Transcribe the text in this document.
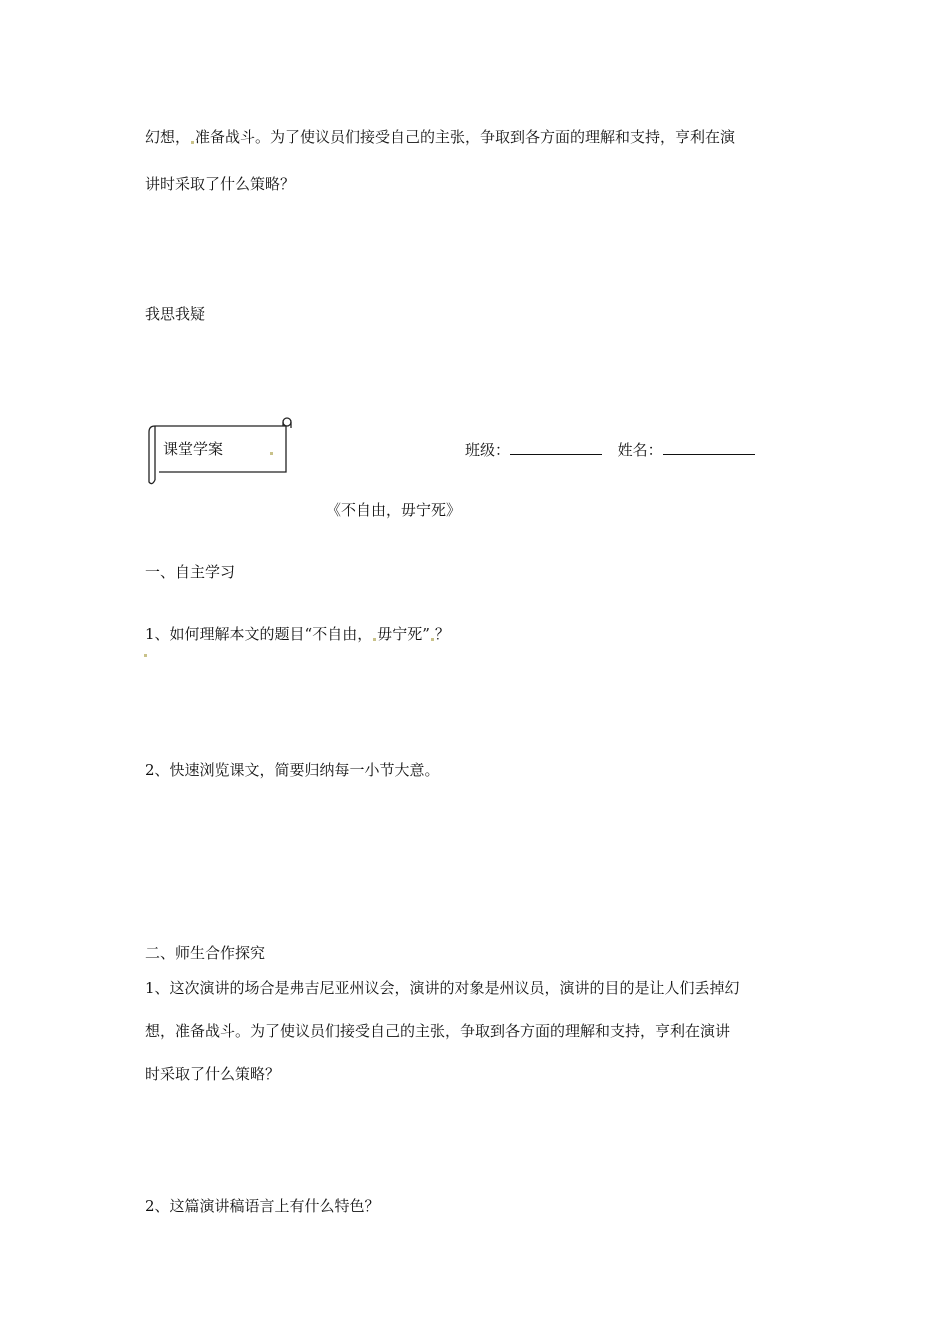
幻想， 准备战斗。为了使议员们接受自己的主张，争取到各方面的理解和支持，亨利在演
讲时采取了什么策略？
我思我疑
课堂学案	班级：	姓名：
《不自由，毋宁死》
一、自主学习
1、如何理解本文的题目“不自由， 毋宁死” ？
2、快速浏览课文，简要归纳每一小节大意。
二、师生合作探究
1、这次演讲的场合是弗吉尼亚州议会，演讲的对象是州议员，演讲的目的是让人们丢掉幻
想，准备战斗。为了使议员们接受自己的主张，争取到各方面的理解和支持，亨利在演讲
时采取了什么策略？
2、这篇演讲稿语言上有什么特色？
